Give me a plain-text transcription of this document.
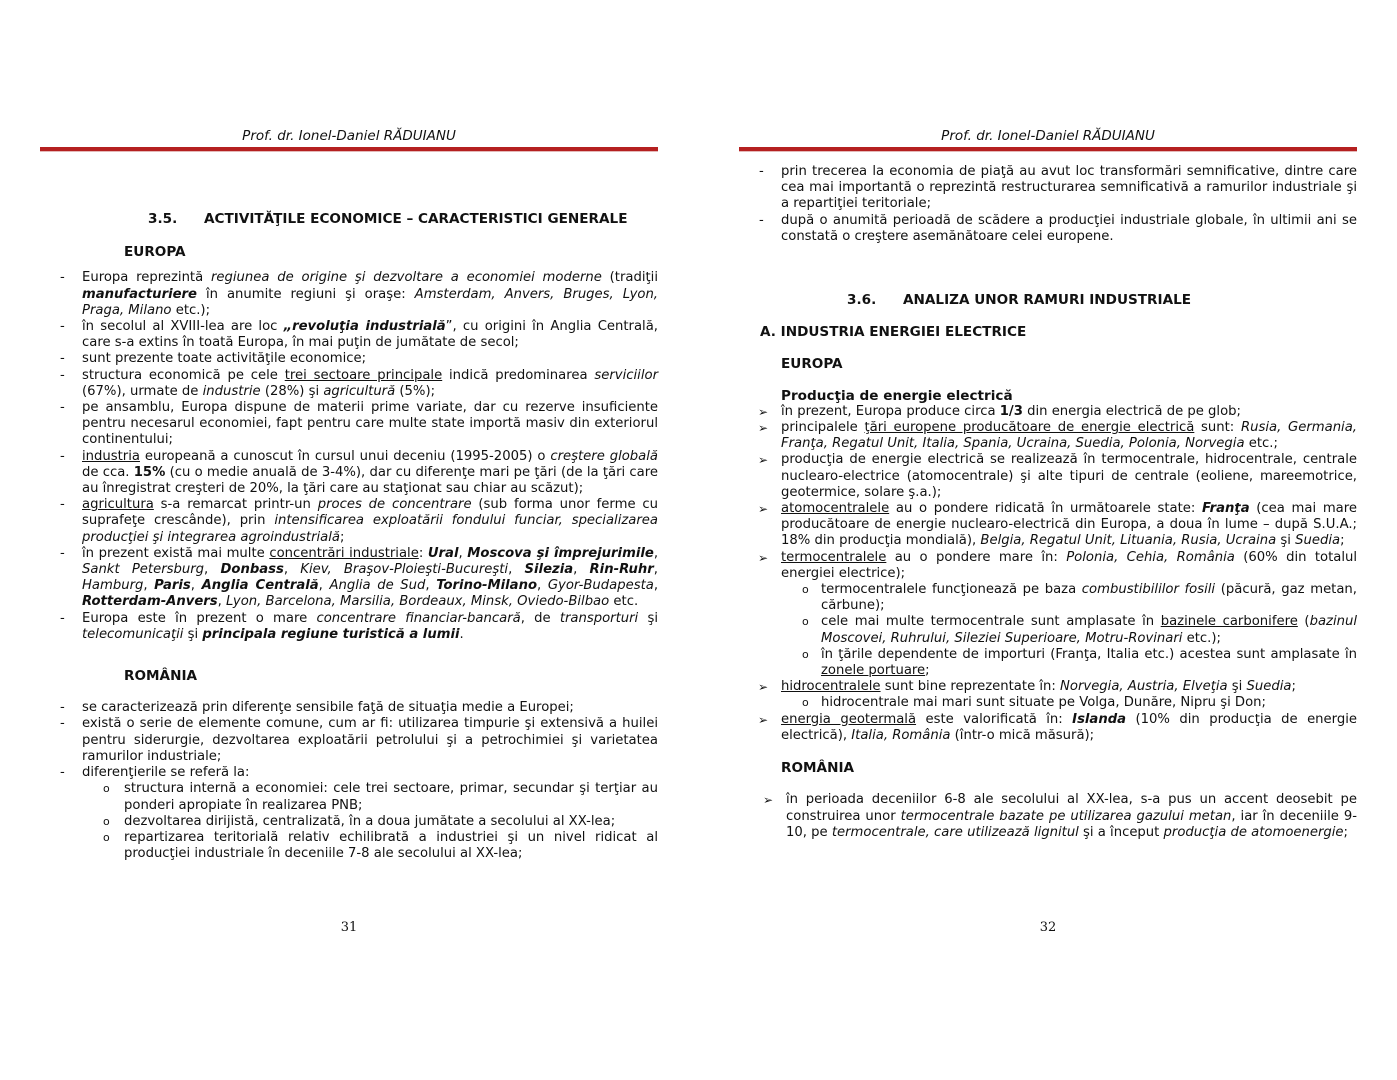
Prof. dr. Ionel-Daniel RĂDUIANU

3.5. ACTIVITĂŢILE ECONOMICE – CARACTERISTICI GENERALE

EUROPA

- Europa reprezintă regiunea de origine şi dezvoltare a economiei moderne (tradiţii manufacturiere în anumite regiuni şi oraşe: Amsterdam, Anvers, Bruges, Lyon, Praga, Milano etc.);
- în secolul al XVIII-lea are loc „revoluţia industrială”, cu origini în Anglia Centrală, care s-a extins în toată Europa, în mai puţin de jumătate de secol;
- sunt prezente toate activităţile economice;
- structura economică pe cele trei sectoare principale indică predominarea serviciilor (67%), urmate de industrie (28%) şi agricultură (5%);
- pe ansamblu, Europa dispune de materii prime variate, dar cu rezerve insuficiente pentru necesarul economiei, fapt pentru care multe state importă masiv din exteriorul continentului;
- industria europeană a cunoscut în cursul unui deceniu (1995-2005) o creştere globală de cca. 15% (cu o medie anuală de 3-4%), dar cu diferenţe mari pe ţări (de la ţări care au înregistrat creşteri de 20%, la ţări care au staţionat sau chiar au scăzut);
- agricultura s-a remarcat printr-un proces de concentrare (sub forma unor ferme cu suprafeţe crescânde), prin intensificarea exploatării fondului funciar, specializarea producţiei şi integrarea agroindustrială;
- în prezent există mai multe concentrări industriale: Ural, Moscova şi împrejurimile, Sankt Petersburg, Donbass, Kiev, Braşov-Ploieşti-Bucureşti, Silezia, Rin-Ruhr, Hamburg, Paris, Anglia Centrală, Anglia de Sud, Torino-Milano, Gyor-Budapesta, Rotterdam-Anvers, Lyon, Barcelona, Marsilia, Bordeaux, Minsk, Oviedo-Bilbao etc.
- Europa este în prezent o mare concentrare financiar-bancară, de transporturi şi telecomunicaţii şi principala regiune turistică a lumii.

ROMÂNIA

- se caracterizează prin diferenţe sensibile faţă de situaţia medie a Europei;
- există o serie de elemente comune, cum ar fi: utilizarea timpurie şi extensivă a huilei pentru siderurgie, dezvoltarea exploatării petrolului şi a petrochimiei şi varietatea ramurilor industriale;
- diferenţierile se referă la:
o structura internă a economiei: cele trei sectoare, primar, secundar şi terţiar au ponderi apropiate în realizarea PNB;
o dezvoltarea dirijistă, centralizată, în a doua jumătate a secolului al XX-lea;
o repartizarea teritorială relativ echilibrată a industriei şi un nivel ridicat al producţiei industriale în deceniile 7-8 ale secolului al XX-lea;
31
Prof. dr. Ionel-Daniel RĂDUIANU
- prin trecerea la economia de piaţă au avut loc transformări semnificative, dintre care cea mai importantă o reprezintă restructurarea semnificativă a ramurilor industriale şi a repartiţiei teritoriale;
- după o anumită perioadă de scădere a producţiei industriale globale, în ultimii ani se constată o creştere asemănătoare celei europene.

3.6. ANALIZA UNOR RAMURI INDUSTRIALE

A. INDUSTRIA ENERGIEI ELECTRICE

EUROPA

Producţia de energie electrică

➢ în prezent, Europa produce circa 1/3 din energia electrică de pe glob;
➢ principalele ţări europene producătoare de energie electrică sunt: Rusia, Germania, Franţa, Regatul Unit, Italia, Spania, Ucraina, Suedia, Polonia, Norvegia etc.;
➢ producţia de energie electrică se realizează în termocentrale, hidrocentrale, centrale nuclearo-electrice (atomocentrale) şi alte tipuri de centrale (eoliene, mareemotrice, geotermice, solare ş.a.);
➢ atomocentralele au o pondere ridicată în următoarele state: Franţa (cea mai mare producătoare de energie nuclearo-electrică din Europa, a doua în lume – după S.U.A.; 18% din producţia mondială), Belgia, Regatul Unit, Lituania, Rusia, Ucraina şi Suedia;
➢ termocentralele au o pondere mare în: Polonia, Cehia, România (60% din totalul energiei electrice);
o termocentralele funcţionează pe baza combustibililor fosili (păcură, gaz metan, cărbune);
o cele mai multe termocentrale sunt amplasate în bazinele carbonifere (bazinul Moscovei, Ruhrului, Sileziei Superioare, Motru-Rovinari etc.);
o în ţările dependente de importuri (Franţa, Italia etc.) acestea sunt amplasate în zonele portuare;
➢ hidrocentralele sunt bine reprezentate în: Norvegia, Austria, Elveţia şi Suedia;
o hidrocentrale mai mari sunt situate pe Volga, Dunăre, Nipru şi Don;
➢ energia geotermală este valorificată în: Islanda (10% din producţia de energie electrică), Italia, România (într-o mică măsură);

ROMÂNIA

➢ în perioada deceniilor 6-8 ale secolului al XX-lea, s-a pus un accent deosebit pe construirea unor termocentrale bazate pe utilizarea gazului metan, iar în deceniile 9-10, pe termocentrale, care utilizează lignitul şi a început producţia de atomoenergie;
32
